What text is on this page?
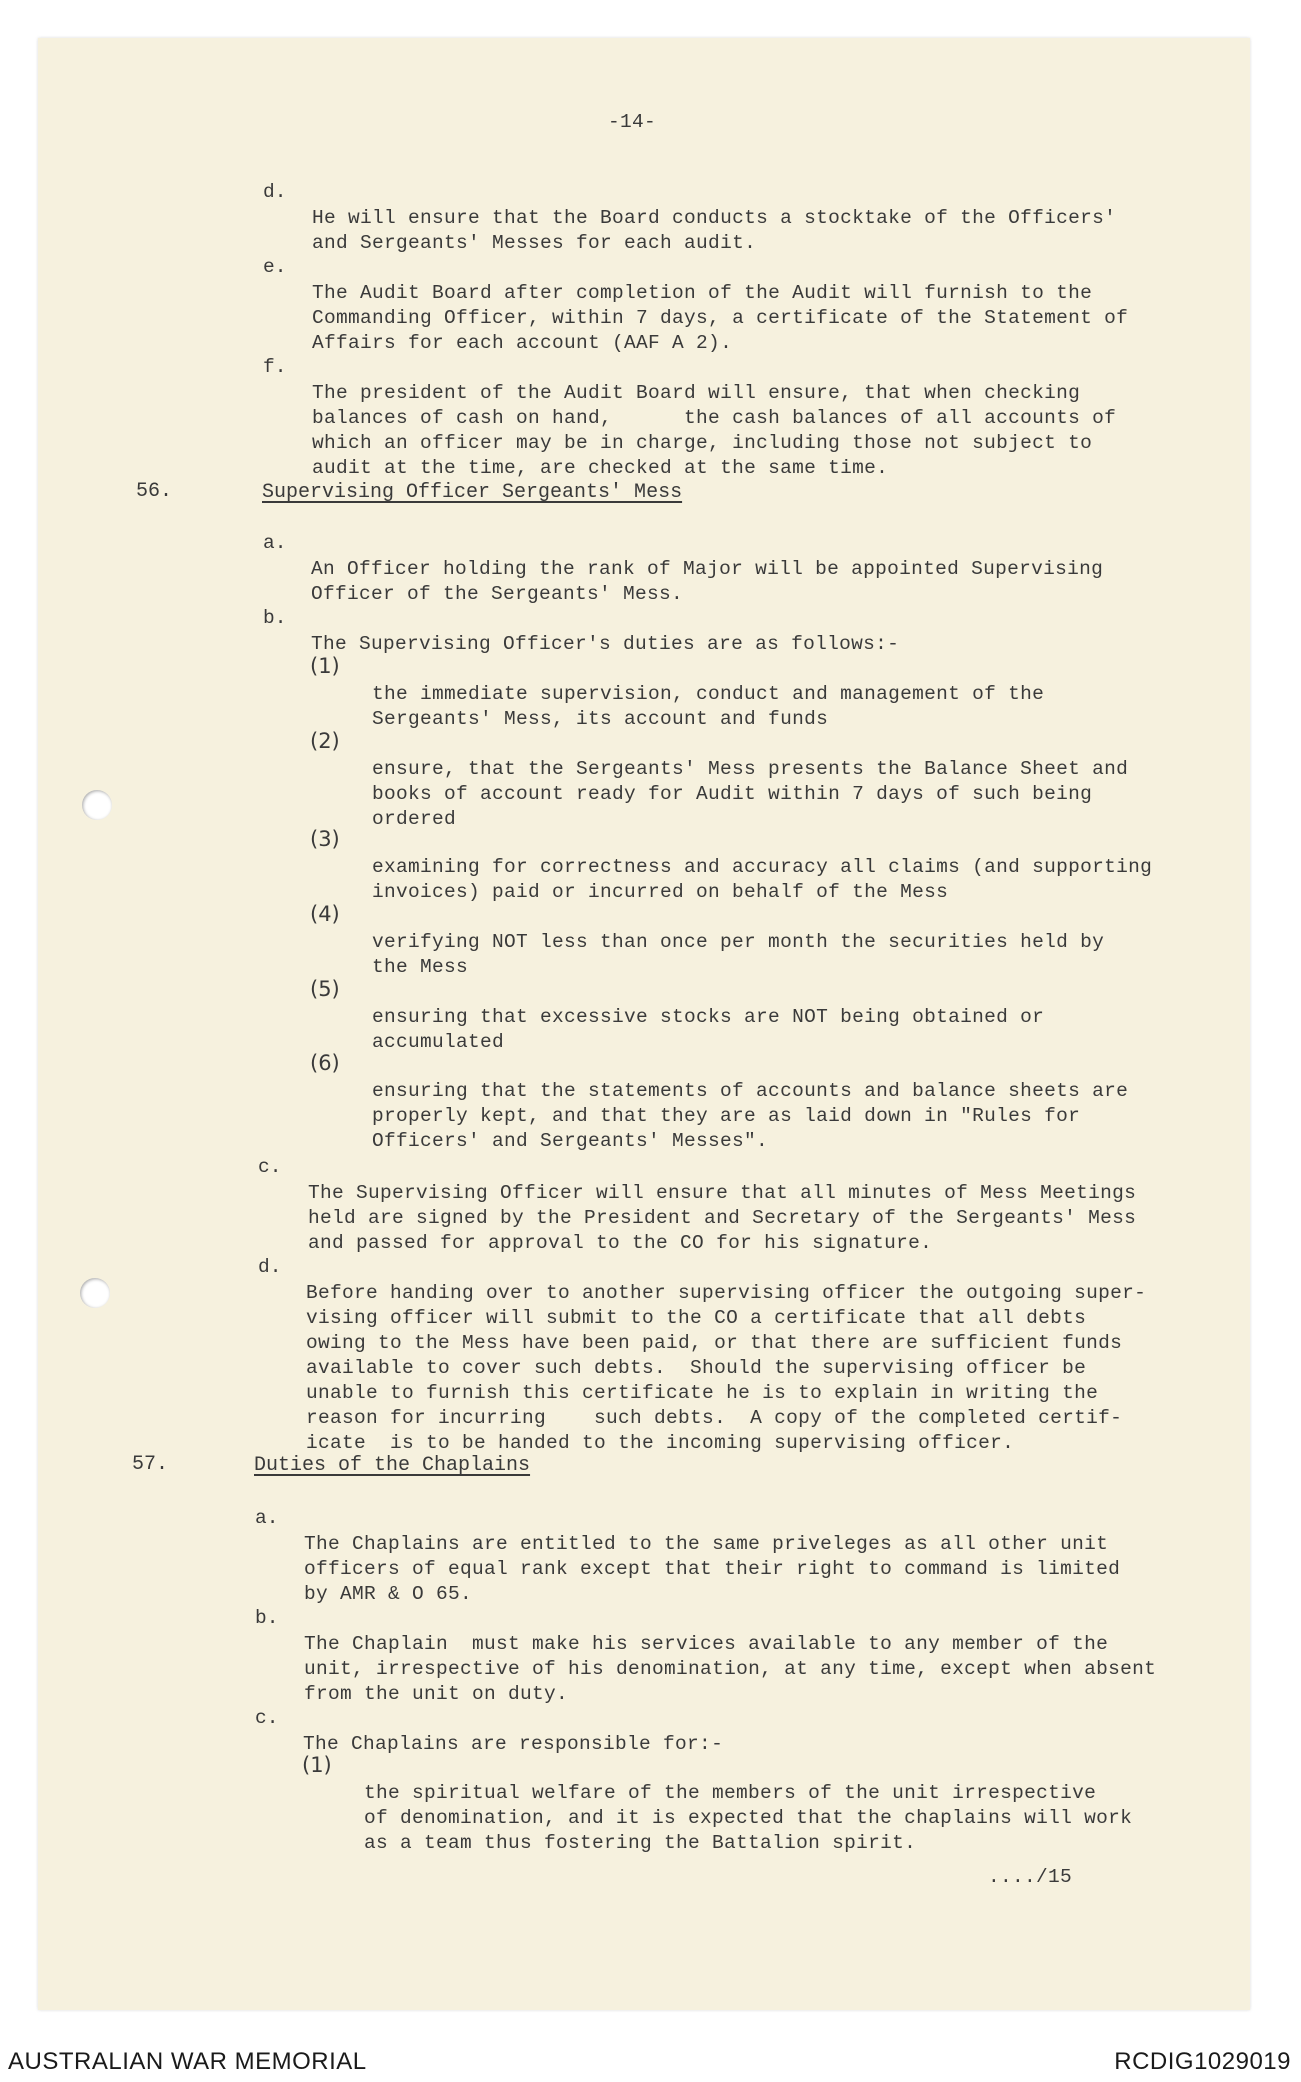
-14-
d.

He will ensure that the Board conducts a stocktake of the Officers'
and Sergeants' Messes for each audit.
e.

The Audit Board after completion of the Audit will furnish to the
Commanding Officer, within 7 days, a certificate of the Statement of
Affairs for each account (AAF A 2).
f.

The president of the Audit Board will ensure, that when checking
balances of cash on hand,      the cash balances of all accounts of
which an officer may be in charge, including those not subject to
audit at the time, are checked at the same time.
56.	Supervising Officer Sergeants' Mess
a.

An Officer holding the rank of Major will be appointed Supervising
Officer of the Sergeants' Mess.
b.

The Supervising Officer's duties are as follows:-
(1)

the immediate supervision, conduct and management of the
Sergeants' Mess, its account and funds
(2)

ensure, that the Sergeants' Mess presents the Balance Sheet and
books of account ready for Audit within 7 days of such being
ordered
(3)

examining for correctness and accuracy all claims (and supporting
invoices) paid or incurred on behalf of the Mess
(4)

verifying NOT less than once per month the securities held by
the Mess
(5)

ensuring that excessive stocks are NOT being obtained or
accumulated
(6)

ensuring that the statements of accounts and balance sheets are
properly kept, and that they are as laid down in "Rules for
Officers' and Sergeants' Messes".
c.

The Supervising Officer will ensure that all minutes of Mess Meetings
held are signed by the President and Secretary of the Sergeants' Mess
and passed for approval to the CO for his signature.
d.

Before handing over to another supervising officer the outgoing super-
vising officer will submit to the CO a certificate that all debts
owing to the Mess have been paid, or that there are sufficient funds
available to cover such debts.  Should the supervising officer be
unable to furnish this certificate he is to explain in writing the
reason for incurring    such debts.  A copy of the completed certif-
icate  is to be handed to the incoming supervising officer.
57.	Duties of the Chaplains
a.

The Chaplains are entitled to the same priveleges as all other unit
officers of equal rank except that their right to command is limited
by AMR & O 65.
b.

The Chaplain  must make his services available to any member of the
unit, irrespective of his denomination, at any time, except when absent
from the unit on duty.
c.

The Chaplains are responsible for:-
(1)

the spiritual welfare of the members of the unit irrespective
of denomination, and it is expected that the chaplains will work
as a team thus fostering the Battalion spirit.
..../15
AUSTRALIAN WAR MEMORIAL	RCDIG1029019
